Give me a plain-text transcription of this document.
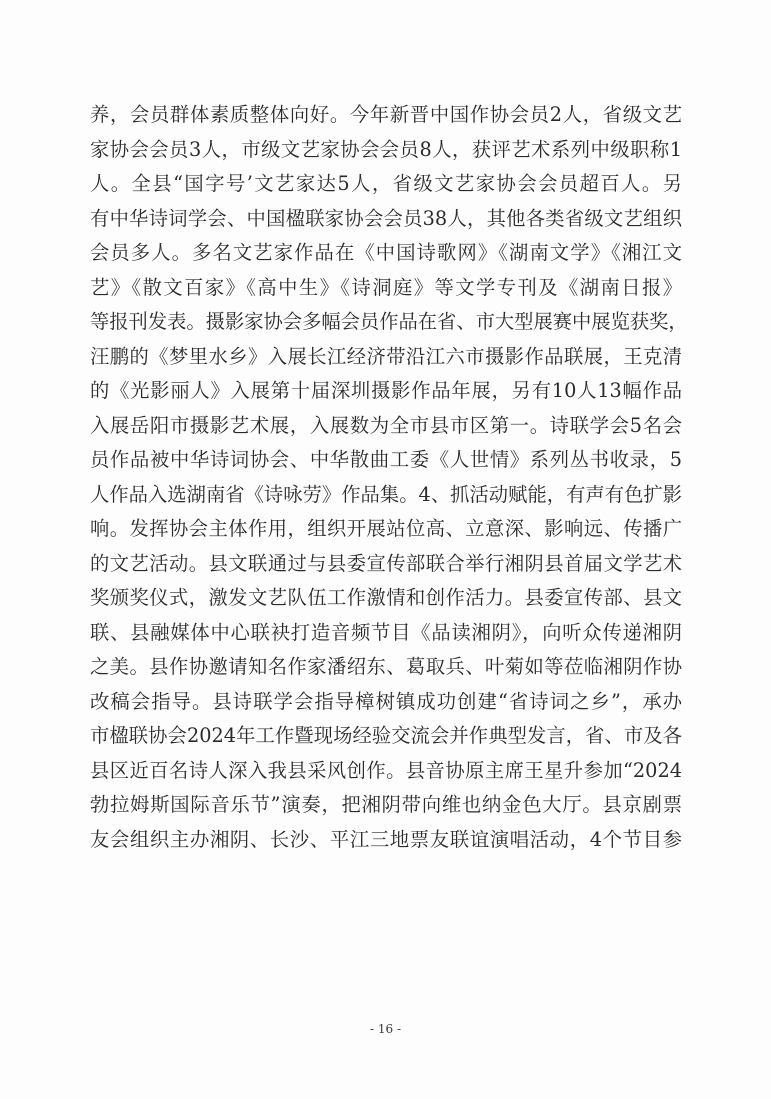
养，会员群体素质整体向好。今年新晋中国作协会员2人，省级文艺
家协会会员3人，市级文艺家协会会员8人，获评艺术系列中级职称1
人。全县“国字号’文艺家达5人，省级文艺家协会会员超百人。另
有中华诗词学会、中国楹联家协会会员38人，其他各类省级文艺组织
会员多人。多名文艺家作品在《中国诗歌网》《湖南文学》《湘江文
艺》《散文百家》《高中生》《诗洞庭》等文学专刊及《湖南日报》
等报刊发表。摄影家协会多幅会员作品在省、市大型展赛中展览获奖，
汪鹏的《梦里水乡》入展长江经济带沿江六市摄影作品联展，王克清
的《光影丽人》入展第十届深圳摄影作品年展，另有10人13幅作品
入展岳阳市摄影艺术展，入展数为全市县市区第一。诗联学会5名会
员作品被中华诗词协会、中华散曲工委《人世情》系列丛书收录，5
人作品入选湖南省《诗咏劳》作品集。4、抓活动赋能，有声有色扩影
响。发挥协会主体作用，组织开展站位高、立意深、影响远、传播广
的文艺活动。县文联通过与县委宣传部联合举行湘阴县首届文学艺术
奖颁奖仪式，激发文艺队伍工作激情和创作活力。县委宣传部、县文
联、县融媒体中心联袂打造音频节目《品读湘阴》，向听众传递湘阴
之美。县作协邀请知名作家潘绍东、葛取兵、叶菊如等莅临湘阴作协
改稿会指导。县诗联学会指导樟树镇成功创建“省诗词之乡”，承办
市楹联协会2024年工作暨现场经验交流会并作典型发言，省、市及各
县区近百名诗人深入我县采风创作。县音协原主席王星升参加“2024
勃拉姆斯国际音乐节”演奏，把湘阴带向维也纳金色大厅。县京剧票
友会组织主办湘阴、长沙、平江三地票友联谊演唱活动，4个节目参
- 16 -
